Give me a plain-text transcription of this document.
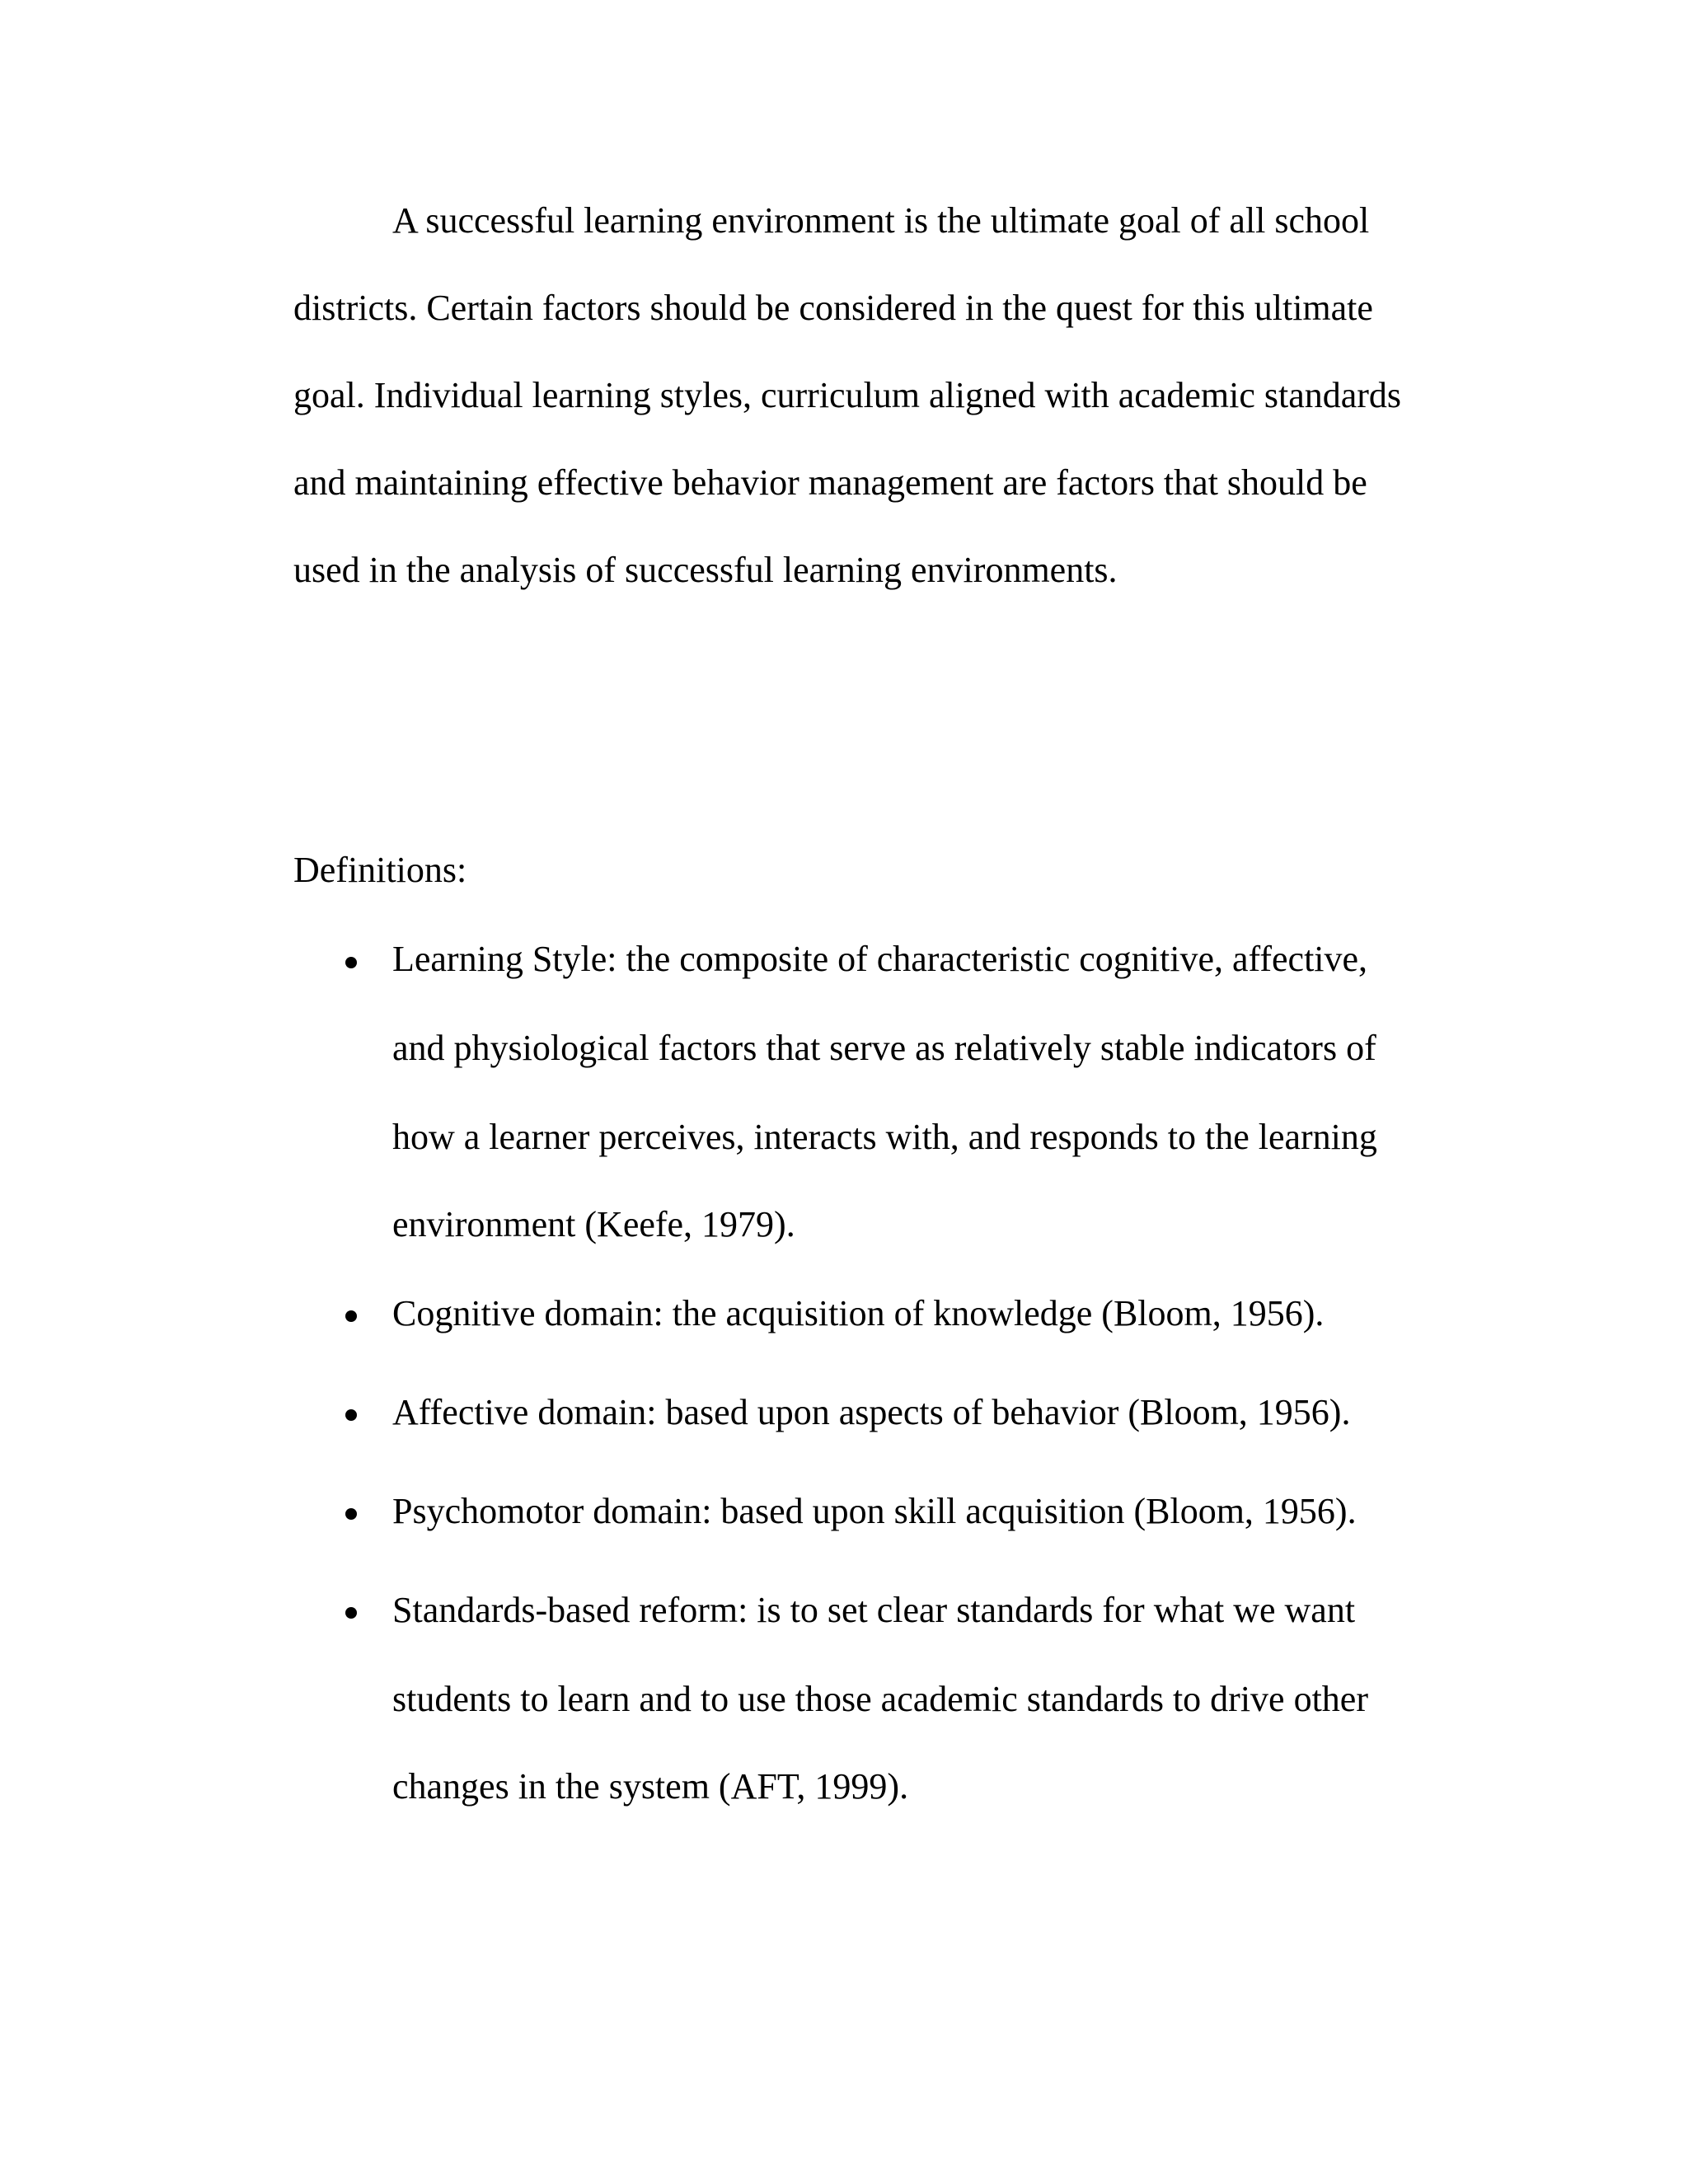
A successful learning environment is the ultimate goal of all school

districts. Certain factors should be considered in the quest for this ultimate

goal. Individual learning styles, curriculum aligned with academic standards

and maintaining effective behavior management are factors that should be

used in the analysis of successful learning environments.

Definitions:

Learning Style: the composite of characteristic cognitive, affective,

and physiological factors that serve as relatively stable indicators of

how a learner perceives, interacts with, and responds to the learning

environment (Keefe, 1979).

Cognitive domain: the acquisition of knowledge (Bloom, 1956).

Affective domain: based upon aspects of behavior (Bloom, 1956).

Psychomotor domain: based upon skill acquisition (Bloom, 1956).

Standards-based reform: is to set clear standards for what we want

students to learn and to use those academic standards to drive other

changes in the system (AFT, 1999).
